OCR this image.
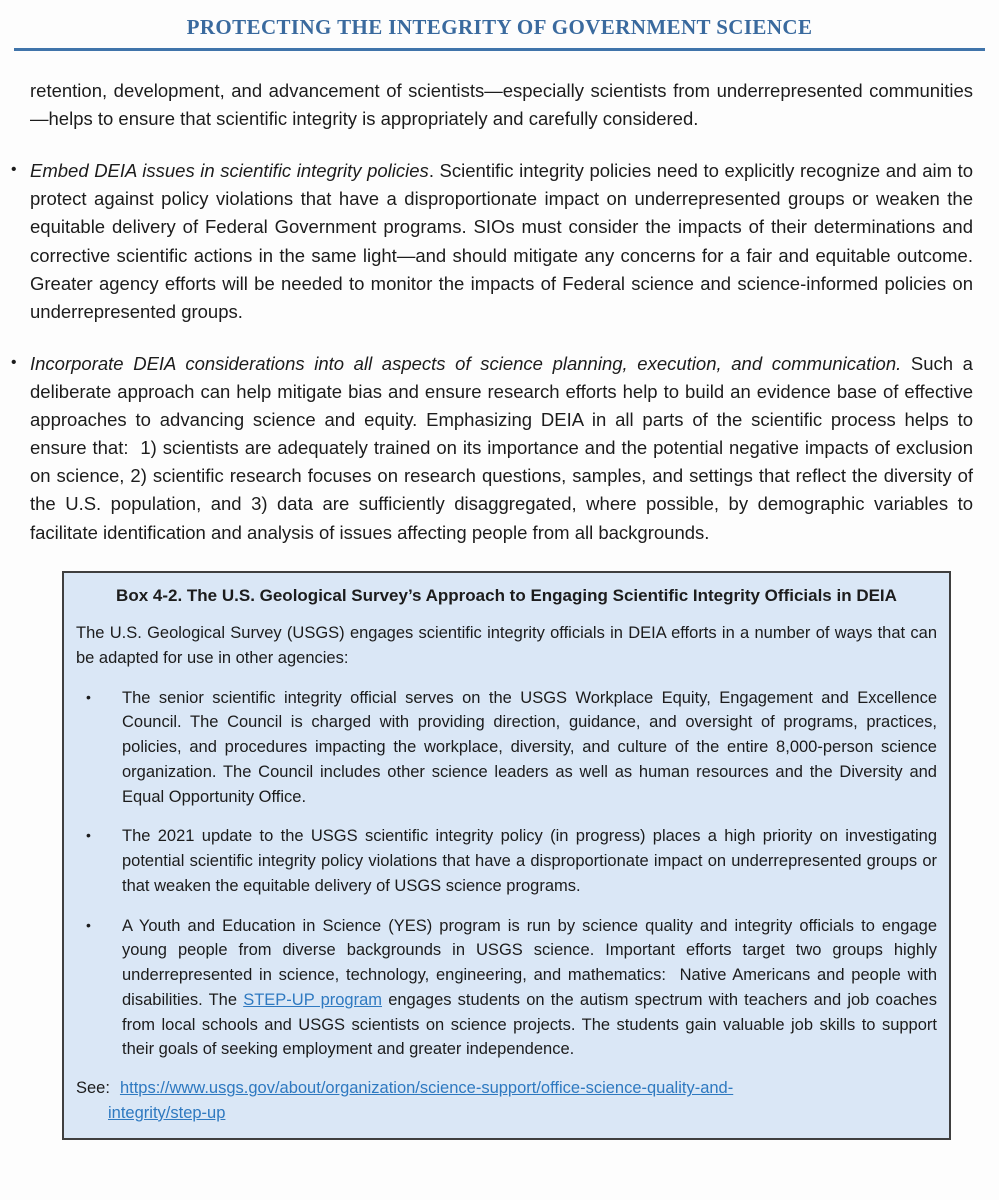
PROTECTING THE INTEGRITY OF GOVERNMENT SCIENCE

retention, development, and advancement of scientists—especially scientists from underrepresented communities—helps to ensure that scientific integrity is appropriately and carefully considered.

• Embed DEIA issues in scientific integrity policies. Scientific integrity policies need to explicitly recognize and aim to protect against policy violations that have a disproportionate impact on underrepresented groups or weaken the equitable delivery of Federal Government programs. SIOs must consider the impacts of their determinations and corrective scientific actions in the same light—and should mitigate any concerns for a fair and equitable outcome. Greater agency efforts will be needed to monitor the impacts of Federal science and science-informed policies on underrepresented groups.
• Incorporate DEIA considerations into all aspects of science planning, execution, and communication. Such a deliberate approach can help mitigate bias and ensure research efforts help to build an evidence base of effective approaches to advancing science and equity. Emphasizing DEIA in all parts of the scientific process helps to ensure that:  1) scientists are adequately trained on its importance and the potential negative impacts of exclusion on science, 2) scientific research focuses on research questions, samples, and settings that reflect the diversity of the U.S. population, and 3) data are sufficiently disaggregated, where possible, by demographic variables to facilitate identification and analysis of issues affecting people from all backgrounds.
Box 4-2. The U.S. Geological Survey’s Approach to Engaging Scientific Integrity Officials in DEIA

The U.S. Geological Survey (USGS) engages scientific integrity officials in DEIA efforts in a number of ways that can be adapted for use in other agencies:

• The senior scientific integrity official serves on the USGS Workplace Equity, Engagement and Excellence Council. The Council is charged with providing direction, guidance, and oversight of programs, practices, policies, and procedures impacting the workplace, diversity, and culture of the entire 8,000-person science organization. The Council includes other science leaders as well as human resources and the Diversity and Equal Opportunity Office.
• The 2021 update to the USGS scientific integrity policy (in progress) places a high priority on investigating potential scientific integrity policy violations that have a disproportionate impact on underrepresented groups or that weaken the equitable delivery of USGS science programs.
• A Youth and Education in Science (YES) program is run by science quality and integrity officials to engage young people from diverse backgrounds in USGS science. Important efforts target two groups highly underrepresented in science, technology, engineering, and mathematics:  Native Americans and people with disabilities. The STEP-UP program engages students on the autism spectrum with teachers and job coaches from local schools and USGS scientists on science projects. The students gain valuable job skills to support their goals of seeking employment and greater independence.

See: https://www.usgs.gov/about/organization/science-support/office-science-quality-and-
integrity/step-up
